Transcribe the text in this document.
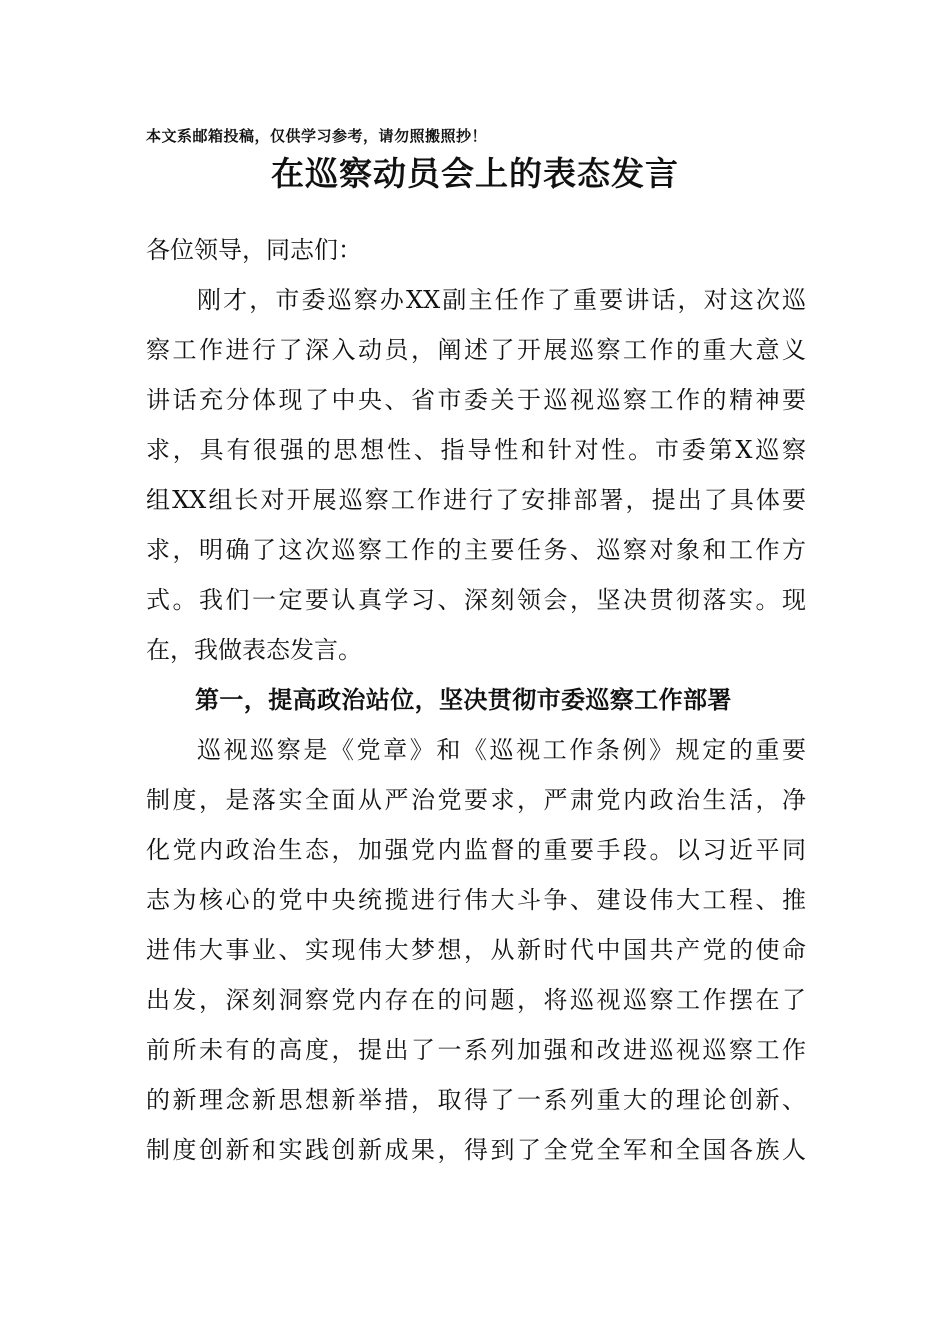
本文系邮箱投稿，仅供学习参考，请勿照搬照抄！
在巡察动员会上的表态发言
各位领导，同志们：
刚才，市委巡察办XX副主任作了重要讲话，对这次巡
察工作进行了深入动员，阐述了开展巡察工作的重大意义
讲话充分体现了中央、省市委关于巡视巡察工作的精神要
求，具有很强的思想性、指导性和针对性。市委第X巡察
组XX组长对开展巡察工作进行了安排部署，提出了具体要
求，明确了这次巡察工作的主要任务、巡察对象和工作方
式。我们一定要认真学习、深刻领会，坚决贯彻落实。现
在，我做表态发言。
第一，提高政治站位，坚决贯彻市委巡察工作部署
巡视巡察是《党章》和《巡视工作条例》规定的重要
制度，是落实全面从严治党要求，严肃党内政治生活，净
化党内政治生态，加强党内监督的重要手段。以习近平同
志为核心的党中央统揽进行伟大斗争、建设伟大工程、推
进伟大事业、实现伟大梦想，从新时代中国共产党的使命
出发，深刻洞察党内存在的问题，将巡视巡察工作摆在了
前所未有的高度，提出了一系列加强和改进巡视巡察工作
的新理念新思想新举措，取得了一系列重大的理论创新、
制度创新和实践创新成果，得到了全党全军和全国各族人
